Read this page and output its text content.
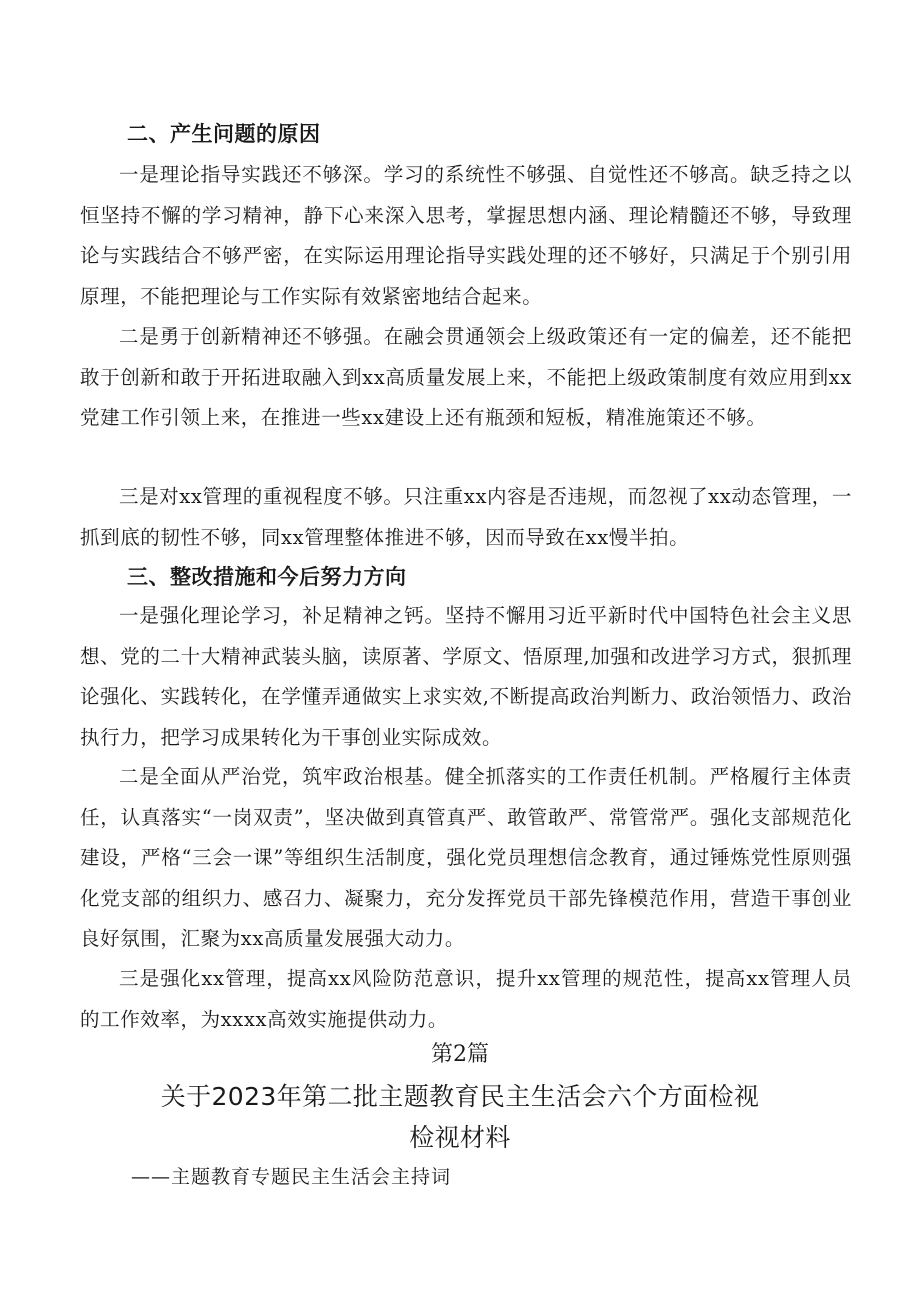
二、产生问题的原因

一是理论指导实践还不够深。学习的系统性不够强、自觉性还不够高。缺乏持之以恒坚持不懈的学习精神，静下心来深入思考，掌握思想内涵、理论精髓还不够，导致理论与实践结合不够严密，在实际运用理论指导实践处理的还不够好，只满足于个别引用原理，不能把理论与工作实际有效紧密地结合起来。

二是勇于创新精神还不够强。在融会贯通领会上级政策还有一定的偏差，还不能把敢于创新和敢于开拓进取融入到xx高质量发展上来，不能把上级政策制度有效应用到xx党建工作引领上来，在推进一些xx建设上还有瓶颈和短板，精准施策还不够。

三是对xx管理的重视程度不够。只注重xx内容是否违规，而忽视了xx动态管理，一抓到底的韧性不够，同xx管理整体推进不够，因而导致在xx慢半拍。

三、整改措施和今后努力方向

一是强化理论学习，补足精神之钙。坚持不懈用习近平新时代中国特色社会主义思想、党的二十大精神武装头脑，读原著、学原文、悟原理,加强和改进学习方式，狠抓理论强化、实践转化，在学懂弄通做实上求实效,不断提高政治判断力、政治领悟力、政治执行力，把学习成果转化为干事创业实际成效。

二是全面从严治党，筑牢政治根基。健全抓落实的工作责任机制。严格履行主体责任，认真落实“一岗双责”，坚决做到真管真严、敢管敢严、常管常严。强化支部规范化建设，严格“三会一课”等组织生活制度，强化党员理想信念教育，通过锤炼党性原则强化党支部的组织力、感召力、凝聚力，充分发挥党员干部先锋模范作用，营造干事创业良好氛围，汇聚为xx高质量发展强大动力。

三是强化xx管理，提高xx风险防范意识，提升xx管理的规范性，提高xx管理人员的工作效率，为xxxx高效实施提供动力。

第2篇
关于2023年第二批主题教育民主生活会六个方面检视
检视材料
——主题教育专题民主生活会主持词
